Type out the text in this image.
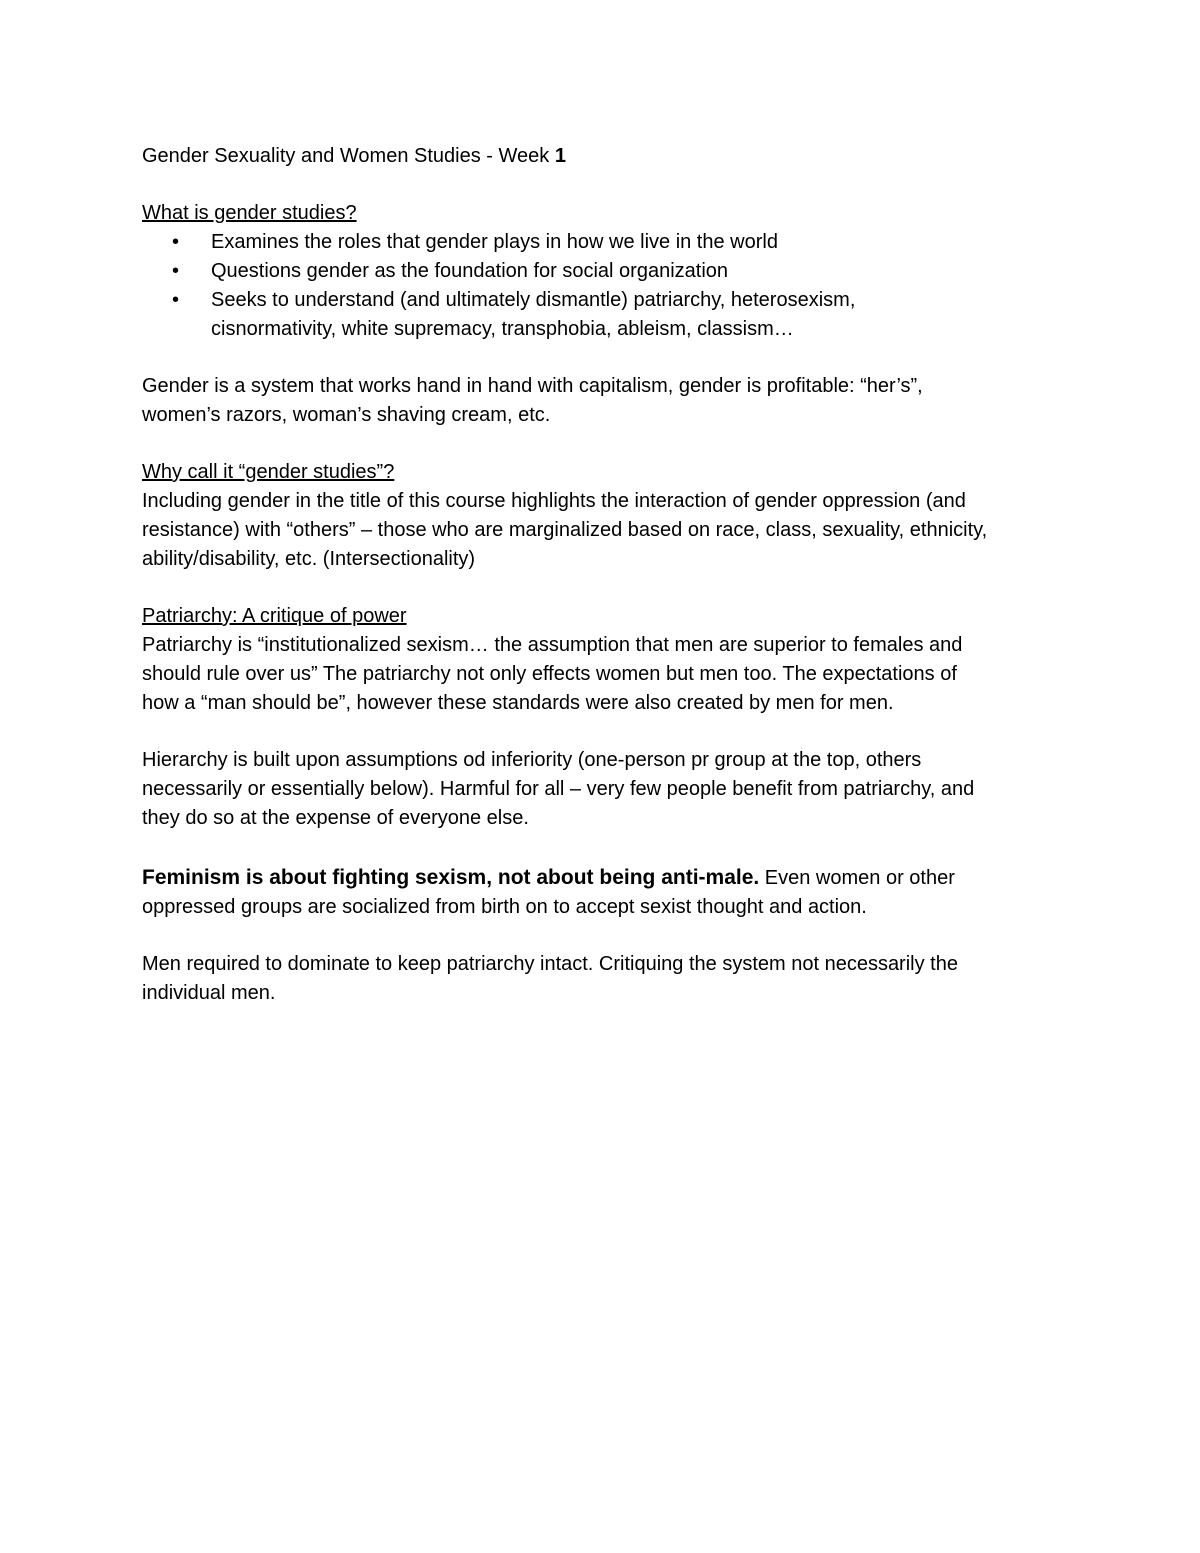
Gender Sexuality and Women Studies - Week 1

What is gender studies?

• Examines the roles that gender plays in how we live in the world
• Questions gender as the foundation for social organization
• Seeks to understand (and ultimately dismantle) patriarchy, heterosexism,
cisnormativity, white supremacy, transphobia, ableism, classism…

Gender is a system that works hand in hand with capitalism, gender is profitable: “her’s”,

women’s razors, woman’s shaving cream, etc.

Why call it “gender studies”?

Including gender in the title of this course highlights the interaction of gender oppression (and

resistance) with “others” – those who are marginalized based on race, class, sexuality, ethnicity,

ability/disability, etc. (Intersectionality)

Patriarchy: A critique of power

Patriarchy is “institutionalized sexism… the assumption that men are superior to females and

should rule over us” The patriarchy not only effects women but men too. The expectations of

how a “man should be”, however these standards were also created by men for men.

Hierarchy is built upon assumptions od inferiority (one-person pr group at the top, others

necessarily or essentially below). Harmful for all – very few people benefit from patriarchy, and

they do so at the expense of everyone else.

Feminism is about fighting sexism, not about being anti-male. Even women or other

oppressed groups are socialized from birth on to accept sexist thought and action.

Men required to dominate to keep patriarchy intact. Critiquing the system not necessarily the

individual men.
